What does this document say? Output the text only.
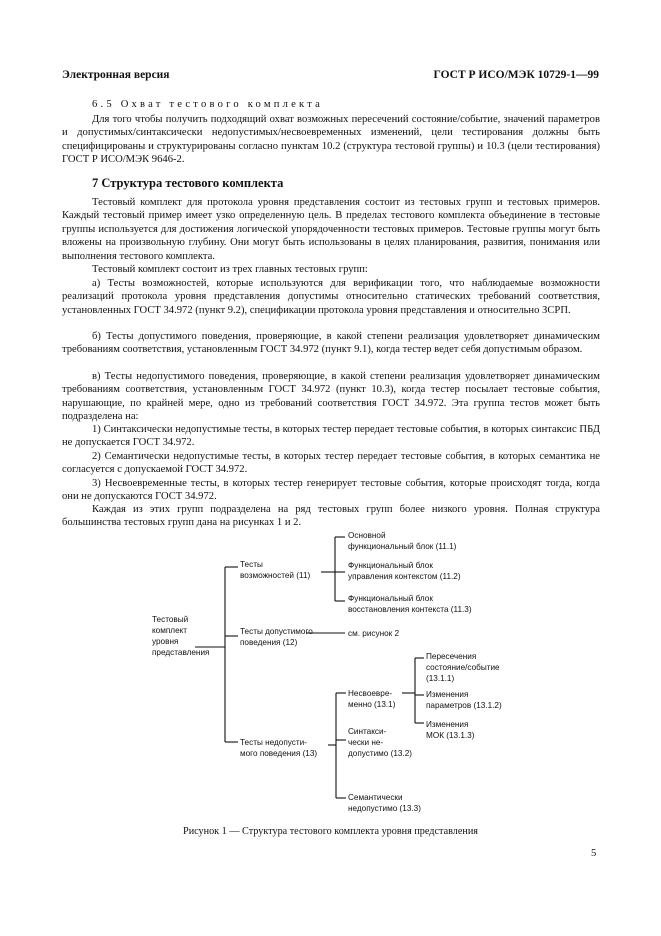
Электронная версия	ГОСТ Р ИСО/МЭК 10729-1—99
6.5 Охват тестового комплекта

Для того чтобы получить подходящий охват возможных пересечений состояние/событие, значений параметров и допустимых/синтаксически недопустимых/несвоевременных изменений, цели тестирования должны быть специфицированы и структурированы согласно пунктам 10.2 (структура тестовой группы) и 10.3 (цели тестирования) ГОСТ Р ИСО/МЭК 9646-2.

7 Структура тестового комплекта

Тестовый комплект для протокола уровня представления состоит из тестовых групп и тестовых примеров. Каждый тестовый пример имеет узко определенную цель. В пределах тестового комплекта объединение в тестовые группы используется для достижения логической упорядоченности тестовых примеров. Тестовые группы могут быть вложены на произвольную глубину. Они могут быть использованы в целях планирования, развития, понимания или выполнения тестового комплекта.

Тестовый комплект состоит из трех главных тестовых групп:

а) Тесты возможностей, которые используются для верификации того, что наблюдаемые возможности реализаций протокола уровня представления допустимы относительно статических требований соответствия, установленных ГОСТ 34.972 (пункт 9.2), спецификации протокола уровня представления и относительно ЗСРП.

б) Тесты допустимого поведения, проверяющие, в какой степени реализация удовлетворяет динамическим требованиям соответствия, установленным ГОСТ 34.972 (пункт 9.1), когда тестер ведет себя допустимым образом.

в) Тесты недопустимого поведения, проверяющие, в какой степени реализация удовлетворяет динамическим требованиям соответствия, установленным ГОСТ 34.972 (пункт 10.3), когда тестер посылает тестовые события, нарушающие, по крайней мере, одно из требований соответствия ГОСТ 34.972. Эта группа тестов может быть подразделена на:

1) Синтаксически недопустимые тесты, в которых тестер передает тестовые события, в которых синтаксис ПБД не допускается ГОСТ 34.972.

2) Семантически недопустимые тесты, в которых тестер передает тестовые события, в которых семантика не согласуется с допускаемой ГОСТ 34.972.

3) Несвоевременные тесты, в которых тестер генерирует тестовые события, которые происходят тогда, когда они не допускаются ГОСТ 34.972.

Каждая из этих групп подразделена на ряд тестовых групп более низкого уровня. Полная структура большинства тестовых групп дана на рисунках 1 и 2.

Тестовый комплект уровня представления
Тесты возможностей (11)
Основной функциональный блок (11.1)
Функциональный блок управления контекстом (11.2)
Функциональный блок восстановления контекста (11.3)
Тесты допустимого поведения (12)
см. рисунок 2
Тесты недопусти- мого поведения (13)
Несвоевре- менно (13.1)
Синтакси- чески не- допустимо (13.2)
Семантически недопустимо (13.3)
Пересечения состояние/событие (13.1.1)
Изменения параметров (13.1.2)
Изменения МОК (13.1.3)
Рисунок 1 — Структура тестового комплекта уровня представления
5
